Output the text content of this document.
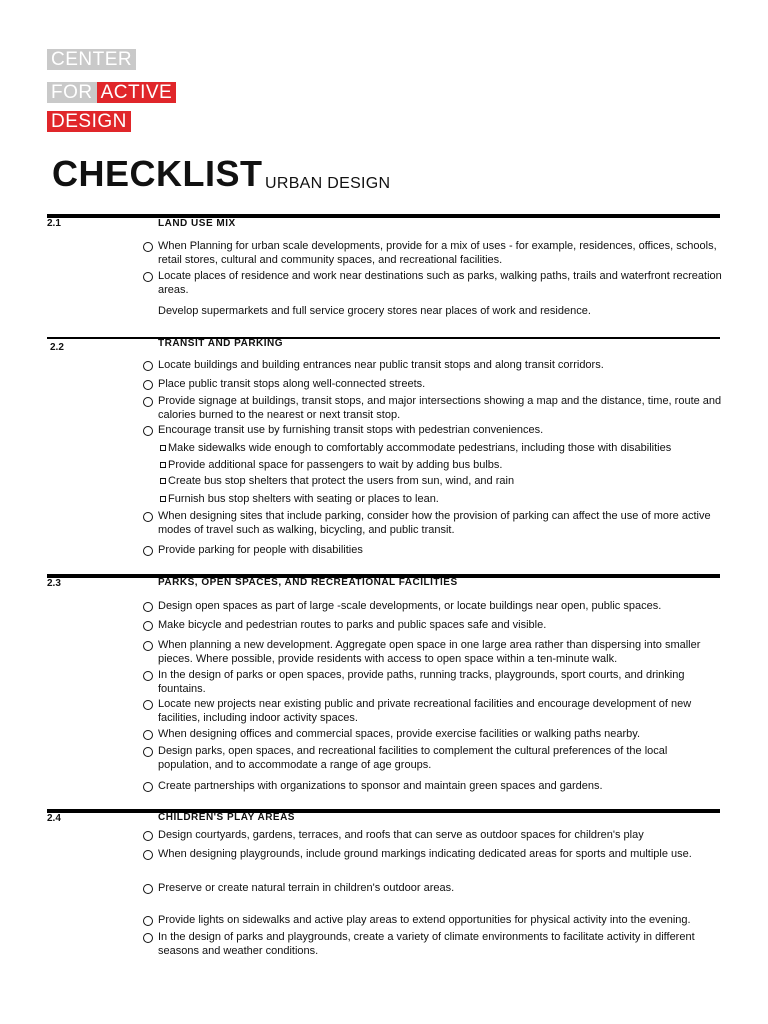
CENTER
FOR ACTIVE
DESIGN
CHECKLIST URBAN DESIGN
2.1	LAND USE MIX
When Planning for urban scale developments, provide for a mix of uses - for example, residences, offices, schools, retail stores, cultural and community spaces, and recreational facilities.
Locate places of residence and work near destinations such as parks, walking paths, trails and waterfront recreation areas.
Develop supermarkets and full service grocery stores near places of work and residence.
2.2	TRANSIT AND PARKING
Locate buildings and building entrances near public transit stops and along transit corridors.
Place public transit stops along well-connected streets.
Provide signage at buildings, transit stops, and major intersections showing a map and the distance, time, route and calories burned to the nearest or next transit stop.
Encourage transit use by furnishing transit stops with pedestrian conveniences.
Make sidewalks wide enough to comfortably accommodate pedestrians, including those with disabilities
Provide additional space for passengers to wait by adding bus bulbs.
Create bus stop shelters that protect the users from sun, wind, and rain
Furnish bus stop shelters with seating or places to lean.
When designing sites that include parking, consider how the provision of parking can affect the use of more active modes of travel such as walking, bicycling, and public transit.
Provide parking for people with disabilities
2.3	PARKS, OPEN SPACES, AND RECREATIONAL FACILITIES
Design open spaces as part of large -scale developments, or locate buildings near open, public spaces.
Make bicycle and pedestrian routes to parks and public spaces safe and visible.
When planning a new development. Aggregate open space in one large area rather than dispersing into smaller pieces. Where possible, provide residents with access to open space within a ten-minute walk.
In the design of parks or open spaces, provide paths, running tracks, playgrounds, sport courts, and drinking fountains.
Locate new projects near existing public and private recreational facilities and encourage development of new facilities, including indoor activity spaces.
When designing offices and commercial spaces, provide exercise facilities or walking paths nearby.
Design parks, open spaces, and recreational facilities to complement the cultural preferences of the local population, and to accommodate a range of age groups.
Create partnerships with organizations to sponsor and maintain green spaces and gardens.
2.4	CHILDREN'S PLAY AREAS
Design courtyards, gardens, terraces, and roofs that can serve as outdoor spaces for children's play
When designing playgrounds, include ground markings indicating dedicated areas for sports and multiple use.
Preserve or create natural terrain in children's outdoor areas.
Provide lights on sidewalks and active play areas to extend opportunities for physical activity into the evening.
In the design of parks and playgrounds, create a variety of climate environments to facilitate activity in different seasons and weather conditions.
